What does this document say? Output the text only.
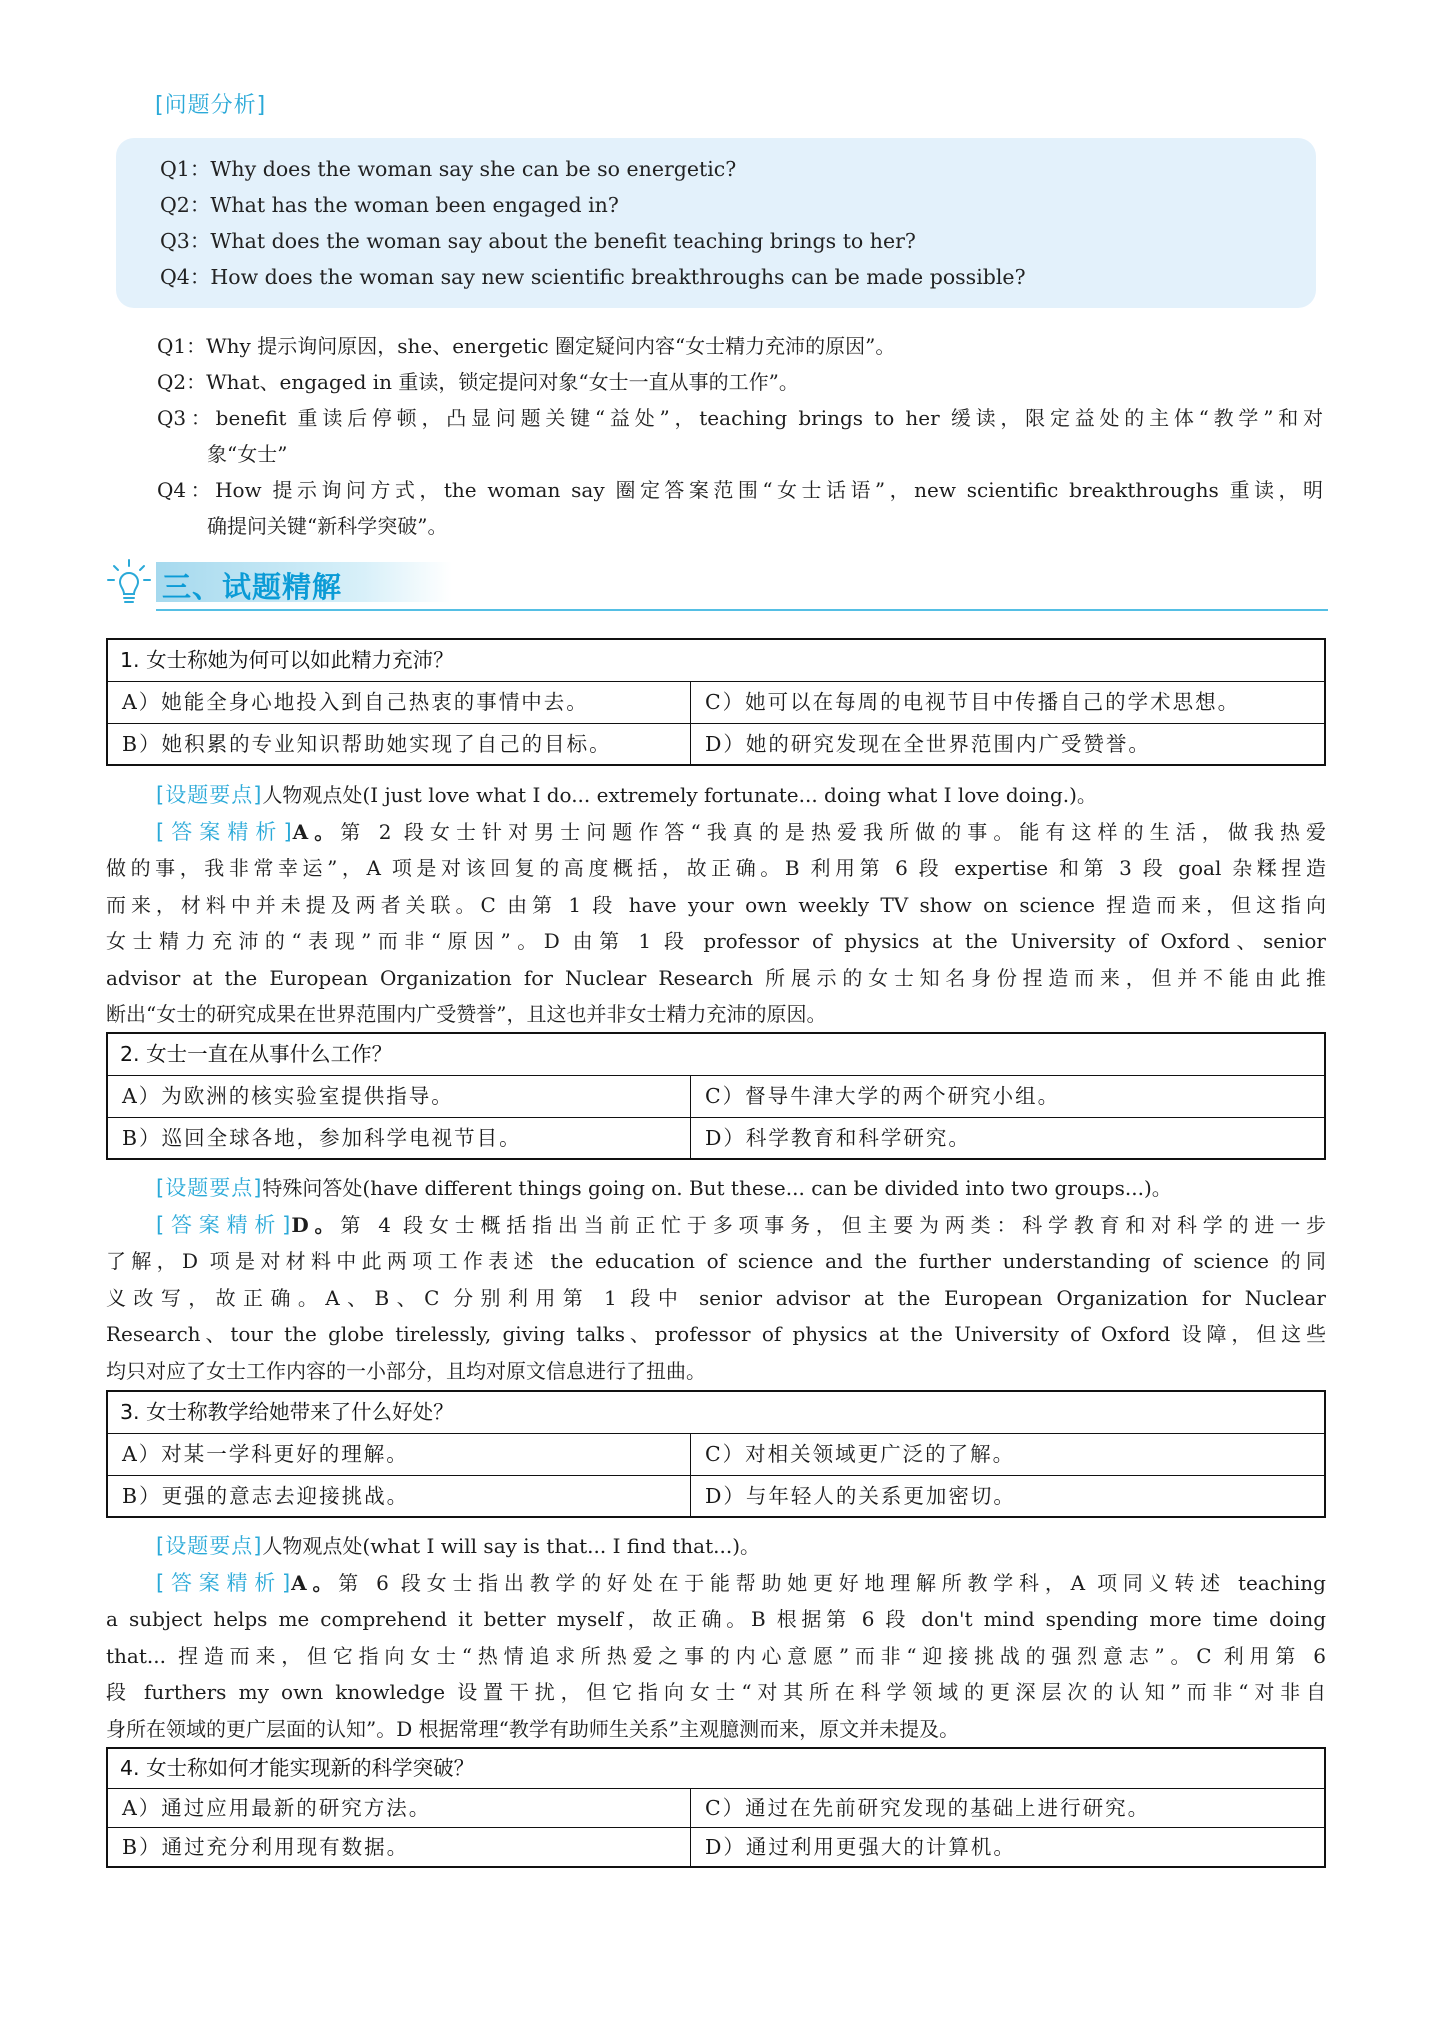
[问题分析]
Q1：Why does the woman say she can be so energetic?
Q2：What has the woman been engaged in?
Q3：What does the woman say about the benefit teaching brings to her?
Q4：How does the woman say new scientific breakthroughs can be made possible?
Q1：Why 提示询问原因，she、energetic 圈定疑问内容“女士精力充沛的原因”。
Q2：What、engaged in 重读，锁定提问对象“女士一直从事的工作”。
Q3：benefit 重读后停顿，凸显问题关键“益处”，teaching brings to her 缓读，限定益处的主体“教学”和对
象“女士”
Q4：How 提示询问方式，the woman say 圈定答案范围“女士话语”，new scientific breakthroughs 重读，明
确提问关键“新科学突破”。
三、试题精解
1. 女士称她为何可以如此精力充沛？
A）她能全身心地投入到自己热衷的事情中去。	C）她可以在每周的电视节目中传播自己的学术思想。
B）她积累的专业知识帮助她实现了自己的目标。	D）她的研究发现在全世界范围内广受赞誉。
[设题要点]人物观点处(I just love what I do... extremely fortunate... doing what I love doing.)。
[答案精析]A。第 2 段女士针对男士问题作答“我真的是热爱我所做的事。能有这样的生活，做我热爱
做的事，我非常幸运”，A 项是对该回复的高度概括，故正确。B 利用第 6 段 expertise 和第 3 段 goal 杂糅捏造
而来，材料中并未提及两者关联。C 由第 1 段 have your own weekly TV show on science 捏造而来，但这指向
女士精力充沛的“表现”而非“原因”。D 由第 1 段 professor of physics at the University of Oxford、senior
advisor at the European Organization for Nuclear Research 所展示的女士知名身份捏造而来，但并不能由此推
断出“女士的研究成果在世界范围内广受赞誉”，且这也并非女士精力充沛的原因。
2. 女士一直在从事什么工作？
A）为欧洲的核实验室提供指导。	C）督导牛津大学的两个研究小组。
B）巡回全球各地，参加科学电视节目。	D）科学教育和科学研究。
[设题要点]特殊问答处(have different things going on. But these... can be divided into two groups...)。
[答案精析]D。第 4 段女士概括指出当前正忙于多项事务，但主要为两类：科学教育和对科学的进一步
了解，D 项是对材料中此两项工作表述 the education of science and the further understanding of science 的同
义改写，故正确。A、B、C 分别利用第 1 段中 senior advisor at the European Organization for Nuclear
Research、tour the globe tirelessly, giving talks、professor of physics at the University of Oxford 设障，但这些
均只对应了女士工作内容的一小部分，且均对原文信息进行了扭曲。
3. 女士称教学给她带来了什么好处？
A）对某一学科更好的理解。	C）对相关领域更广泛的了解。
B）更强的意志去迎接挑战。	D）与年轻人的关系更加密切。
[设题要点]人物观点处(what I will say is that... I find that...)。
[答案精析]A。第 6 段女士指出教学的好处在于能帮助她更好地理解所教学科，A 项同义转述 teaching
a subject helps me comprehend it better myself，故正确。B 根据第 6 段 don't mind spending more time doing
that... 捏造而来，但它指向女士“热情追求所热爱之事的内心意愿”而非“迎接挑战的强烈意志”。C 利用第 6
段 furthers my own knowledge 设置干扰，但它指向女士“对其所在科学领域的更深层次的认知”而非“对非自
身所在领域的更广层面的认知”。D 根据常理“教学有助师生关系”主观臆测而来，原文并未提及。
4. 女士称如何才能实现新的科学突破？
A）通过应用最新的研究方法。	C）通过在先前研究发现的基础上进行研究。
B）通过充分利用现有数据。	D）通过利用更强大的计算机。
